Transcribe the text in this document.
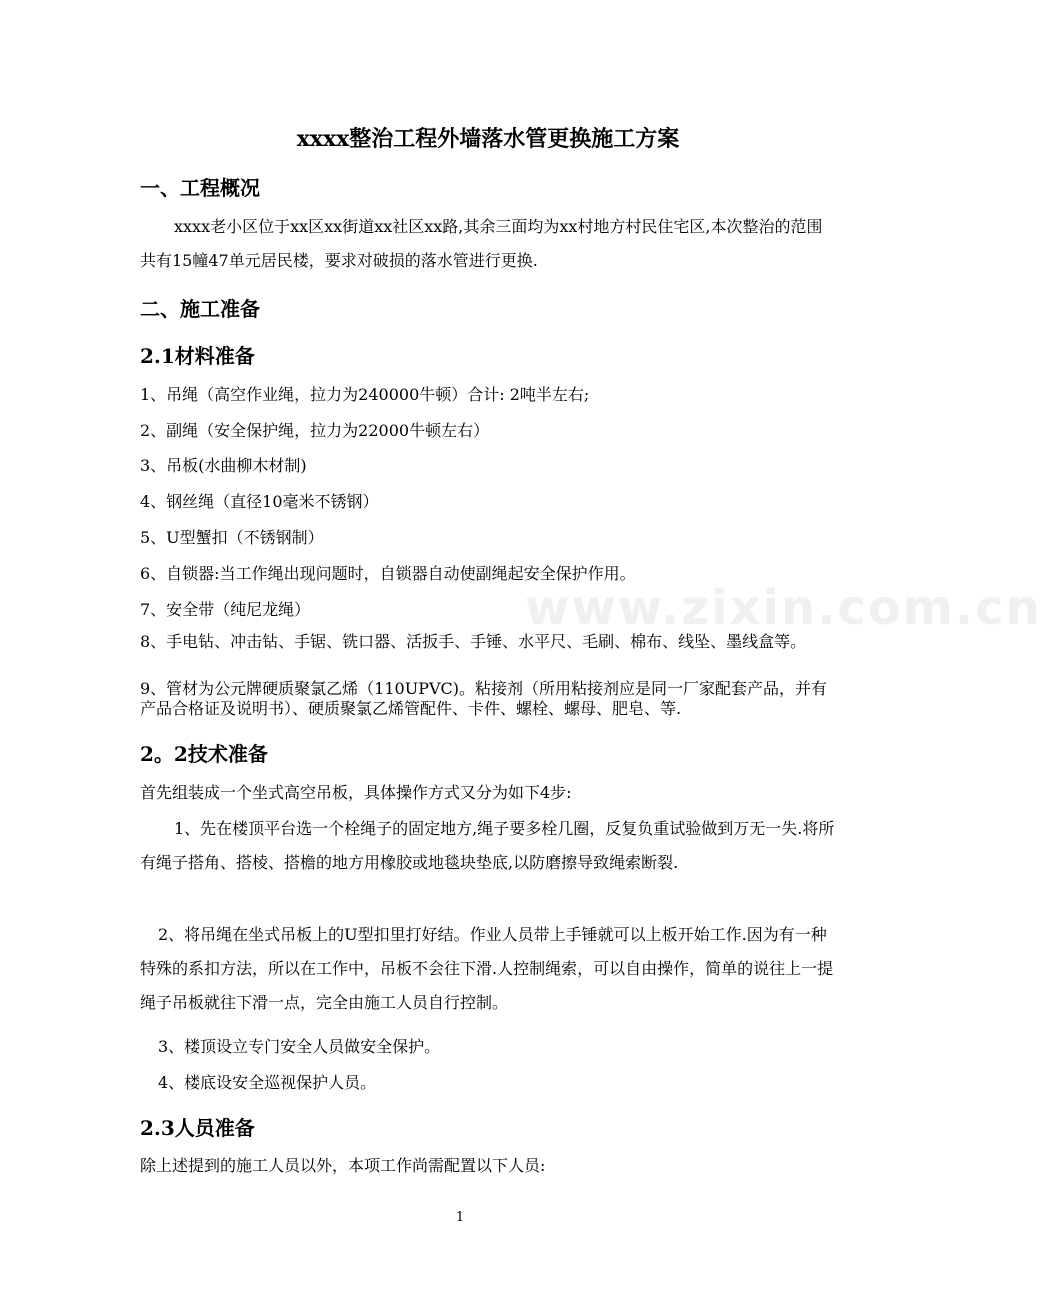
www.zixin.com.cn
xxxx整治工程外墙落水管更换施工方案
一、工程概况

xxxx老小区位于xx区xx街道xx社区xx路,其余三面均为xx村地方村民住宅区,本次整治的范围共有15幢47单元居民楼，要求对破损的落水管进行更换.

二、施工准备
2.1材料准备

1、吊绳（高空作业绳，拉力为240000牛顿）合计: 2吨半左右;

2、副绳（安全保护绳，拉力为22000牛顿左右）

3、吊板(水曲柳木材制)

4、钢丝绳（直径10毫米不锈钢）

5、U型蟹扣（不锈钢制）

6、自锁器:当工作绳出现问题时，自锁器自动使副绳起安全保护作用。

7、安全带（纯尼龙绳）

8、手电钻、冲击钻、手锯、铣口器、活扳手、手锤、水平尺、毛刷、棉布、线坠、墨线盒等。

9、管材为公元牌硬质聚氯乙烯（110UPVC)。粘接剂（所用粘接剂应是同一厂家配套产品，并有产品合格证及说明书）、硬质聚氯乙烯管配件、卡件、螺栓、螺母、肥皂、等.

2。2技术准备

首先组装成一个坐式高空吊板，具体操作方式又分为如下4步:

1、先在楼顶平台选一个栓绳子的固定地方,绳子要多栓几圈，反复负重试验做到万无一失.将所有绳子搭角、搭棱、搭檐的地方用橡胶或地毯块垫底,以防磨擦导致绳索断裂.

2、将吊绳在坐式吊板上的U型扣里打好结。作业人员带上手锤就可以上板开始工作.因为有一种特殊的系扣方法，所以在工作中，吊板不会往下滑.人控制绳索，可以自由操作，简单的说往上一提绳子吊板就往下滑一点，完全由施工人员自行控制。

3、楼顶设立专门安全人员做安全保护。

4、楼底设安全巡视保护人员。

2.3人员准备

除上述提到的施工人员以外，本项工作尚需配置以下人员:

1
